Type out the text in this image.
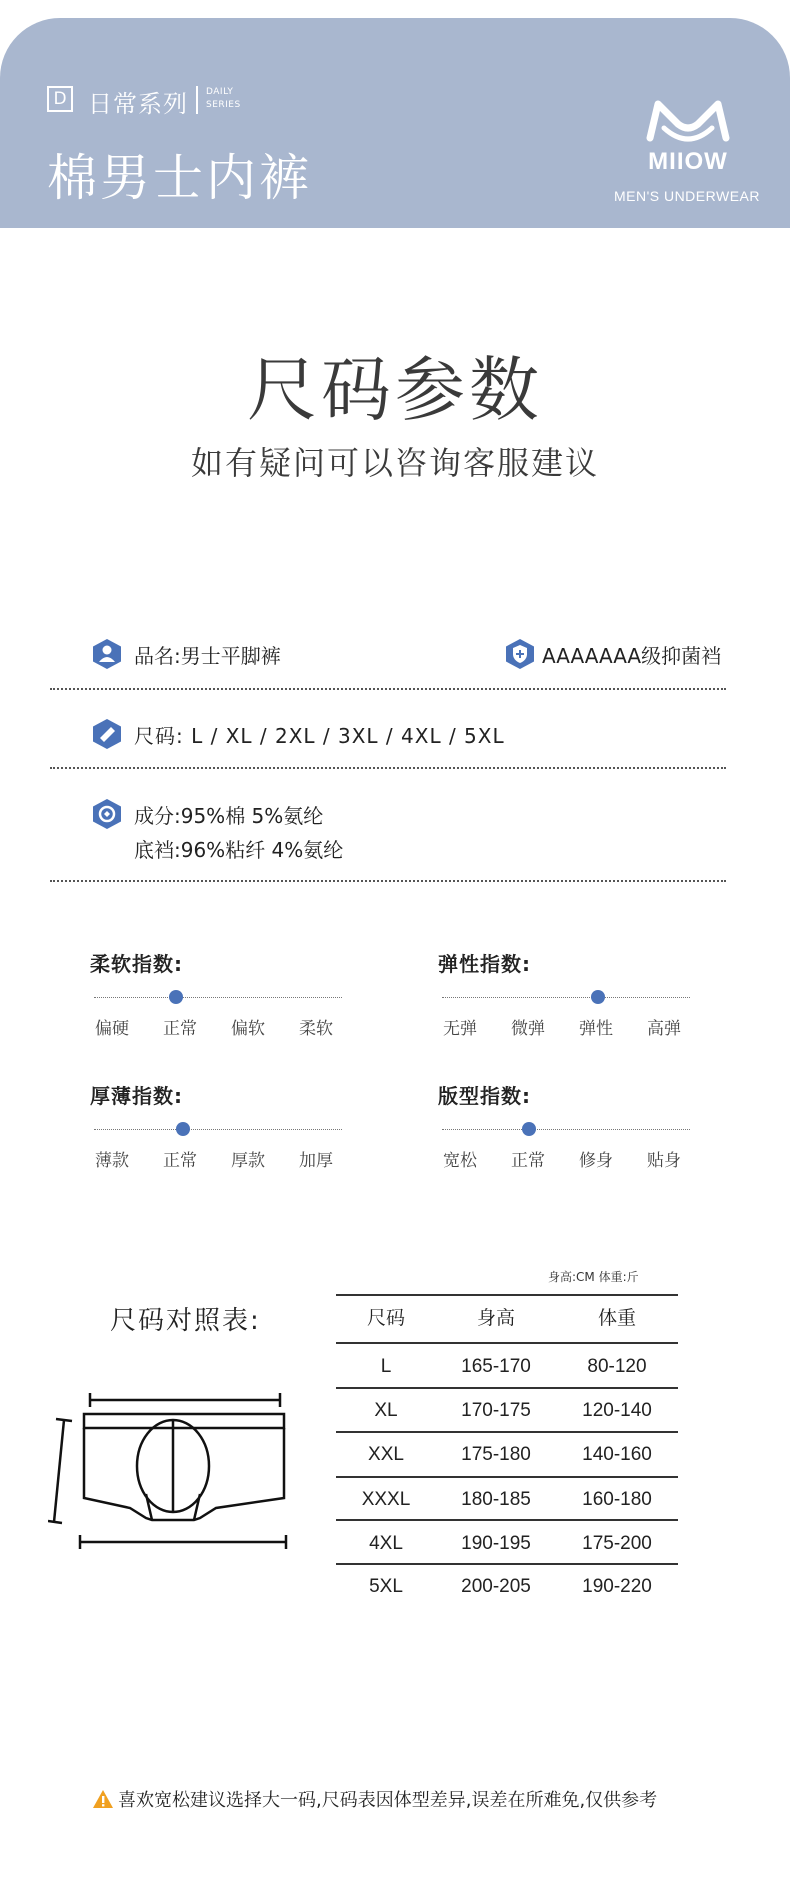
D 日常系列 DAILY
SERIES
棉男士内裤	MIIOW
MEN'S UNDERWEAR
尺码参数
如有疑问可以咨询客服建议
品名:男士平脚裤	AAAAAAA级抑菌裆
尺码: L / XL / 2XL / 3XL / 4XL / 5XL
成分:95%棉 5%氨纶
底裆:96%粘纤 4%氨纶
柔软指数:
偏硬	正常	偏软	柔软
弹性指数:
无弹	微弹	弹性	高弹
厚薄指数:
薄款	正常	厚款	加厚
版型指数:
宽松	正常	修身	贴身
尺码对照表:
身高:CM 体重:斤
尺码	身高	体重
L	165-170	80-120
XL	170-175	120-140
XXL	175-180	140-160
XXXL	180-185	160-180
4XL	190-195	175-200
5XL	200-205	190-220
喜欢宽松建议选择大一码,尺码表因体型差异,误差在所难免,仅供参考
